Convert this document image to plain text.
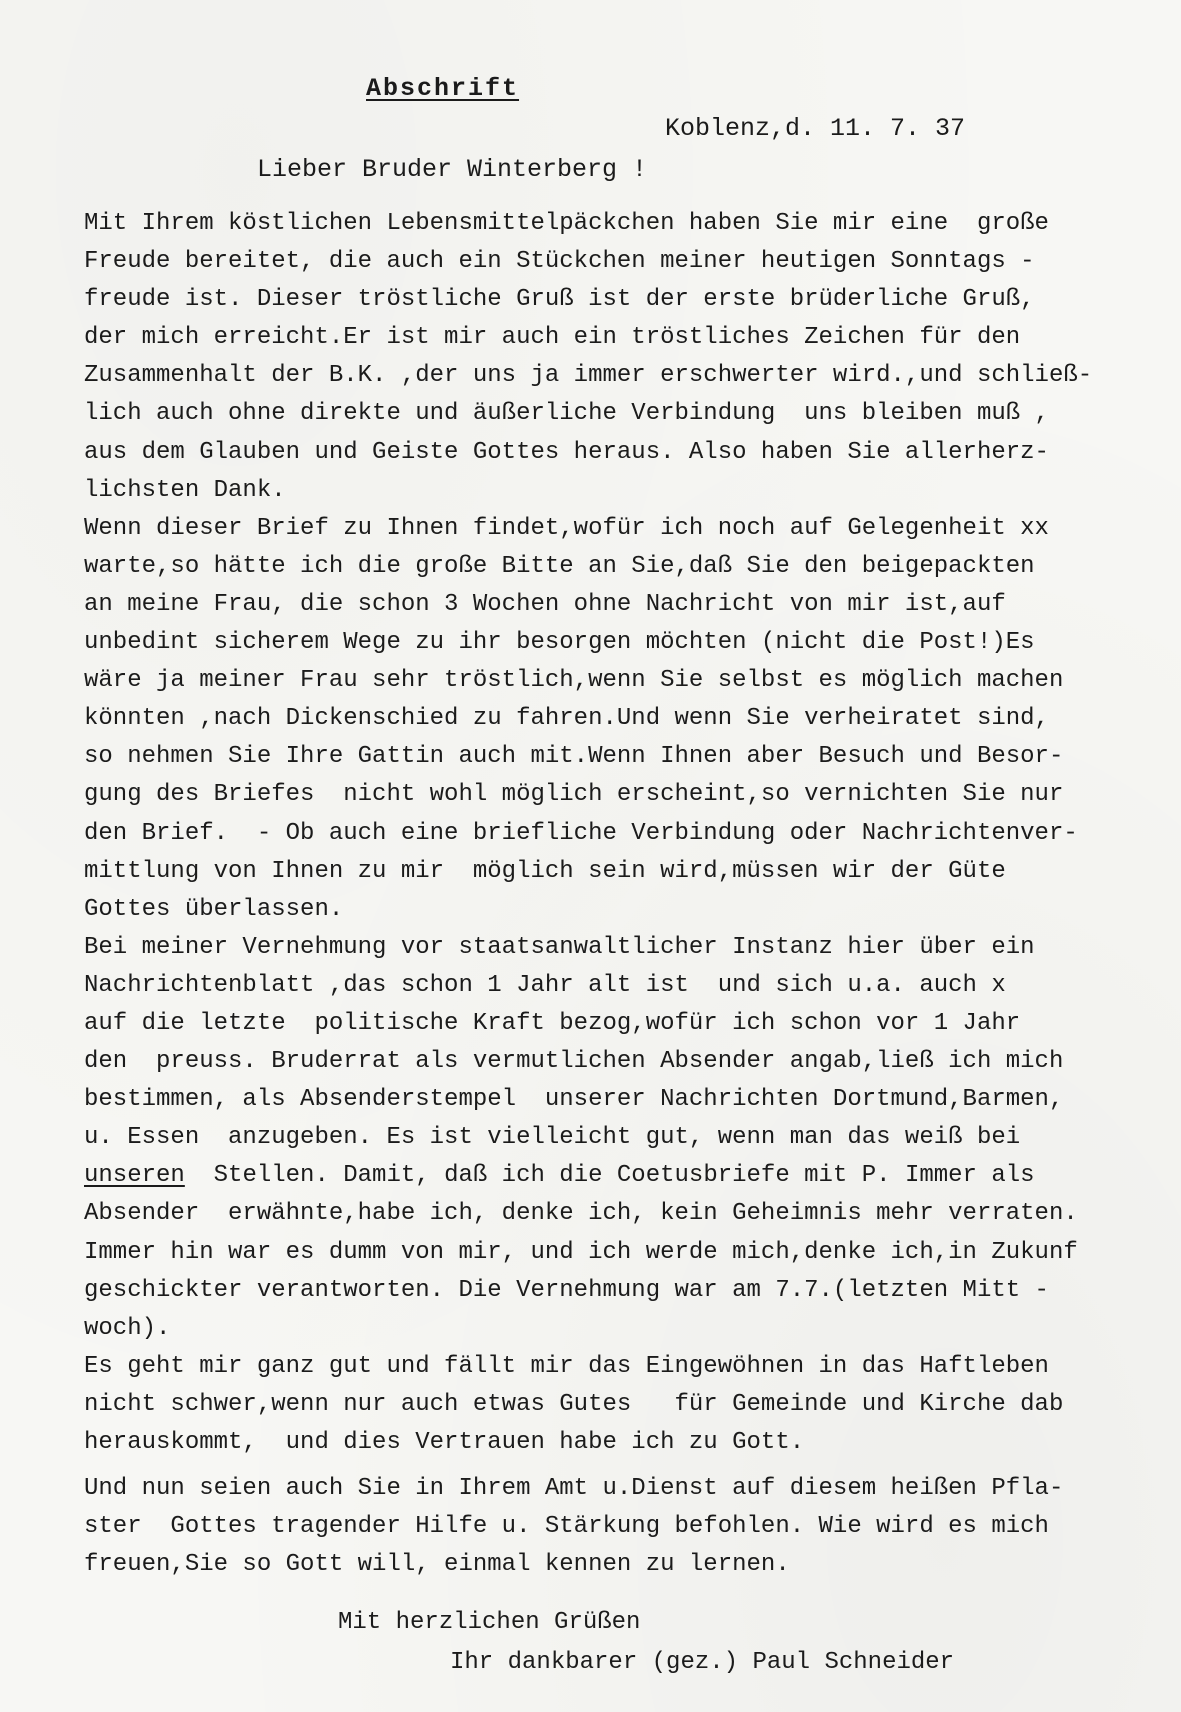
Abschrift
Koblenz,d. 11. 7. 37
Lieber Bruder Winterberg !
Mit Ihrem köstlichen Lebensmittelpäckchen haben Sie mir eine  große
Freude bereitet, die auch ein Stückchen meiner heutigen Sonntags -
freude ist. Dieser tröstliche Gruß ist der erste brüderliche Gruß,
der mich erreicht.Er ist mir auch ein tröstliches Zeichen für den
Zusammenhalt der B.K. ,der uns ja immer erschwerter wird.,und schließ-
lich auch ohne direkte und äußerliche Verbindung  uns bleiben muß ,
aus dem Glauben und Geiste Gottes heraus. Also haben Sie allerherz-
lichsten Dank.
Wenn dieser Brief zu Ihnen findet,wofür ich noch auf Gelegenheit xx
warte,so hätte ich die große Bitte an Sie,daß Sie den beigepackten
an meine Frau, die schon 3 Wochen ohne Nachricht von mir ist,auf
unbedint sicherem Wege zu ihr besorgen möchten (nicht die Post!)Es
wäre ja meiner Frau sehr tröstlich,wenn Sie selbst es möglich machen
könnten ,nach Dickenschied zu fahren.Und wenn Sie verheiratet sind,
so nehmen Sie Ihre Gattin auch mit.Wenn Ihnen aber Besuch und Besor-
gung des Briefes  nicht wohl möglich erscheint,so vernichten Sie nur
den Brief.  - Ob auch eine briefliche Verbindung oder Nachrichtenver-
mittlung von Ihnen zu mir  möglich sein wird,müssen wir der Güte
Gottes überlassen.
Bei meiner Vernehmung vor staatsanwaltlicher Instanz hier über ein
Nachrichtenblatt ,das schon 1 Jahr alt ist  und sich u.a. auch x
auf die letzte  politische Kraft bezog,wofür ich schon vor 1 Jahr
den  preuss. Bruderrat als vermutlichen Absender angab,ließ ich mich
bestimmen, als Absenderstempel  unserer Nachrichten Dortmund,Barmen,
u. Essen  anzugeben. Es ist vielleicht gut, wenn man das weiß bei
unseren  Stellen. Damit, daß ich die Coetusbriefe mit P. Immer als
Absender  erwähnte,habe ich, denke ich, kein Geheimnis mehr verraten.
Immer hin war es dumm von mir, und ich werde mich,denke ich,in Zukunf
geschickter verantworten. Die Vernehmung war am 7.7.(letzten Mitt -
woch).
Es geht mir ganz gut und fällt mir das Eingewöhnen in das Haftleben
nicht schwer,wenn nur auch etwas Gutes   für Gemeinde und Kirche dab
herauskommt,  und dies Vertrauen habe ich zu Gott.
Und nun seien auch Sie in Ihrem Amt u.Dienst auf diesem heißen Pfla-
ster  Gottes tragender Hilfe u. Stärkung befohlen. Wie wird es mich
freuen,Sie so Gott will, einmal kennen zu lernen.
Mit herzlichen Grüßen
Ihr dankbarer (gez.) Paul Schneider
